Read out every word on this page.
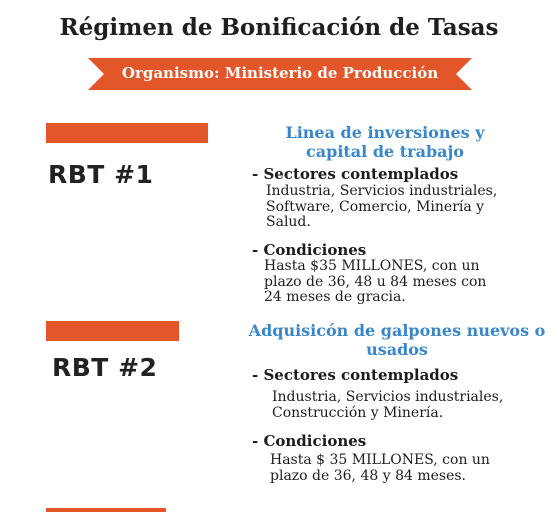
Régimen de Bonificación de Tasas
Organismo: Ministerio de Producción
RBT #1
Linea de inversiones y
capital de trabajo
- Sectores contemplados
Industria, Servicios industriales,
Software, Comercio, Minería y
Salud.
- Condiciones
Hasta $35 MILLONES, con un
plazo de 36, 48 u 84 meses con
24 meses de gracia.
RBT #2
Adquisicón de galpones nuevos o
usados
- Sectores contemplados
Industria, Servicios industriales,
Construcción y Minería.
- Condiciones
Hasta $ 35 MILLONES, con un
plazo de 36, 48 y 84 meses.
